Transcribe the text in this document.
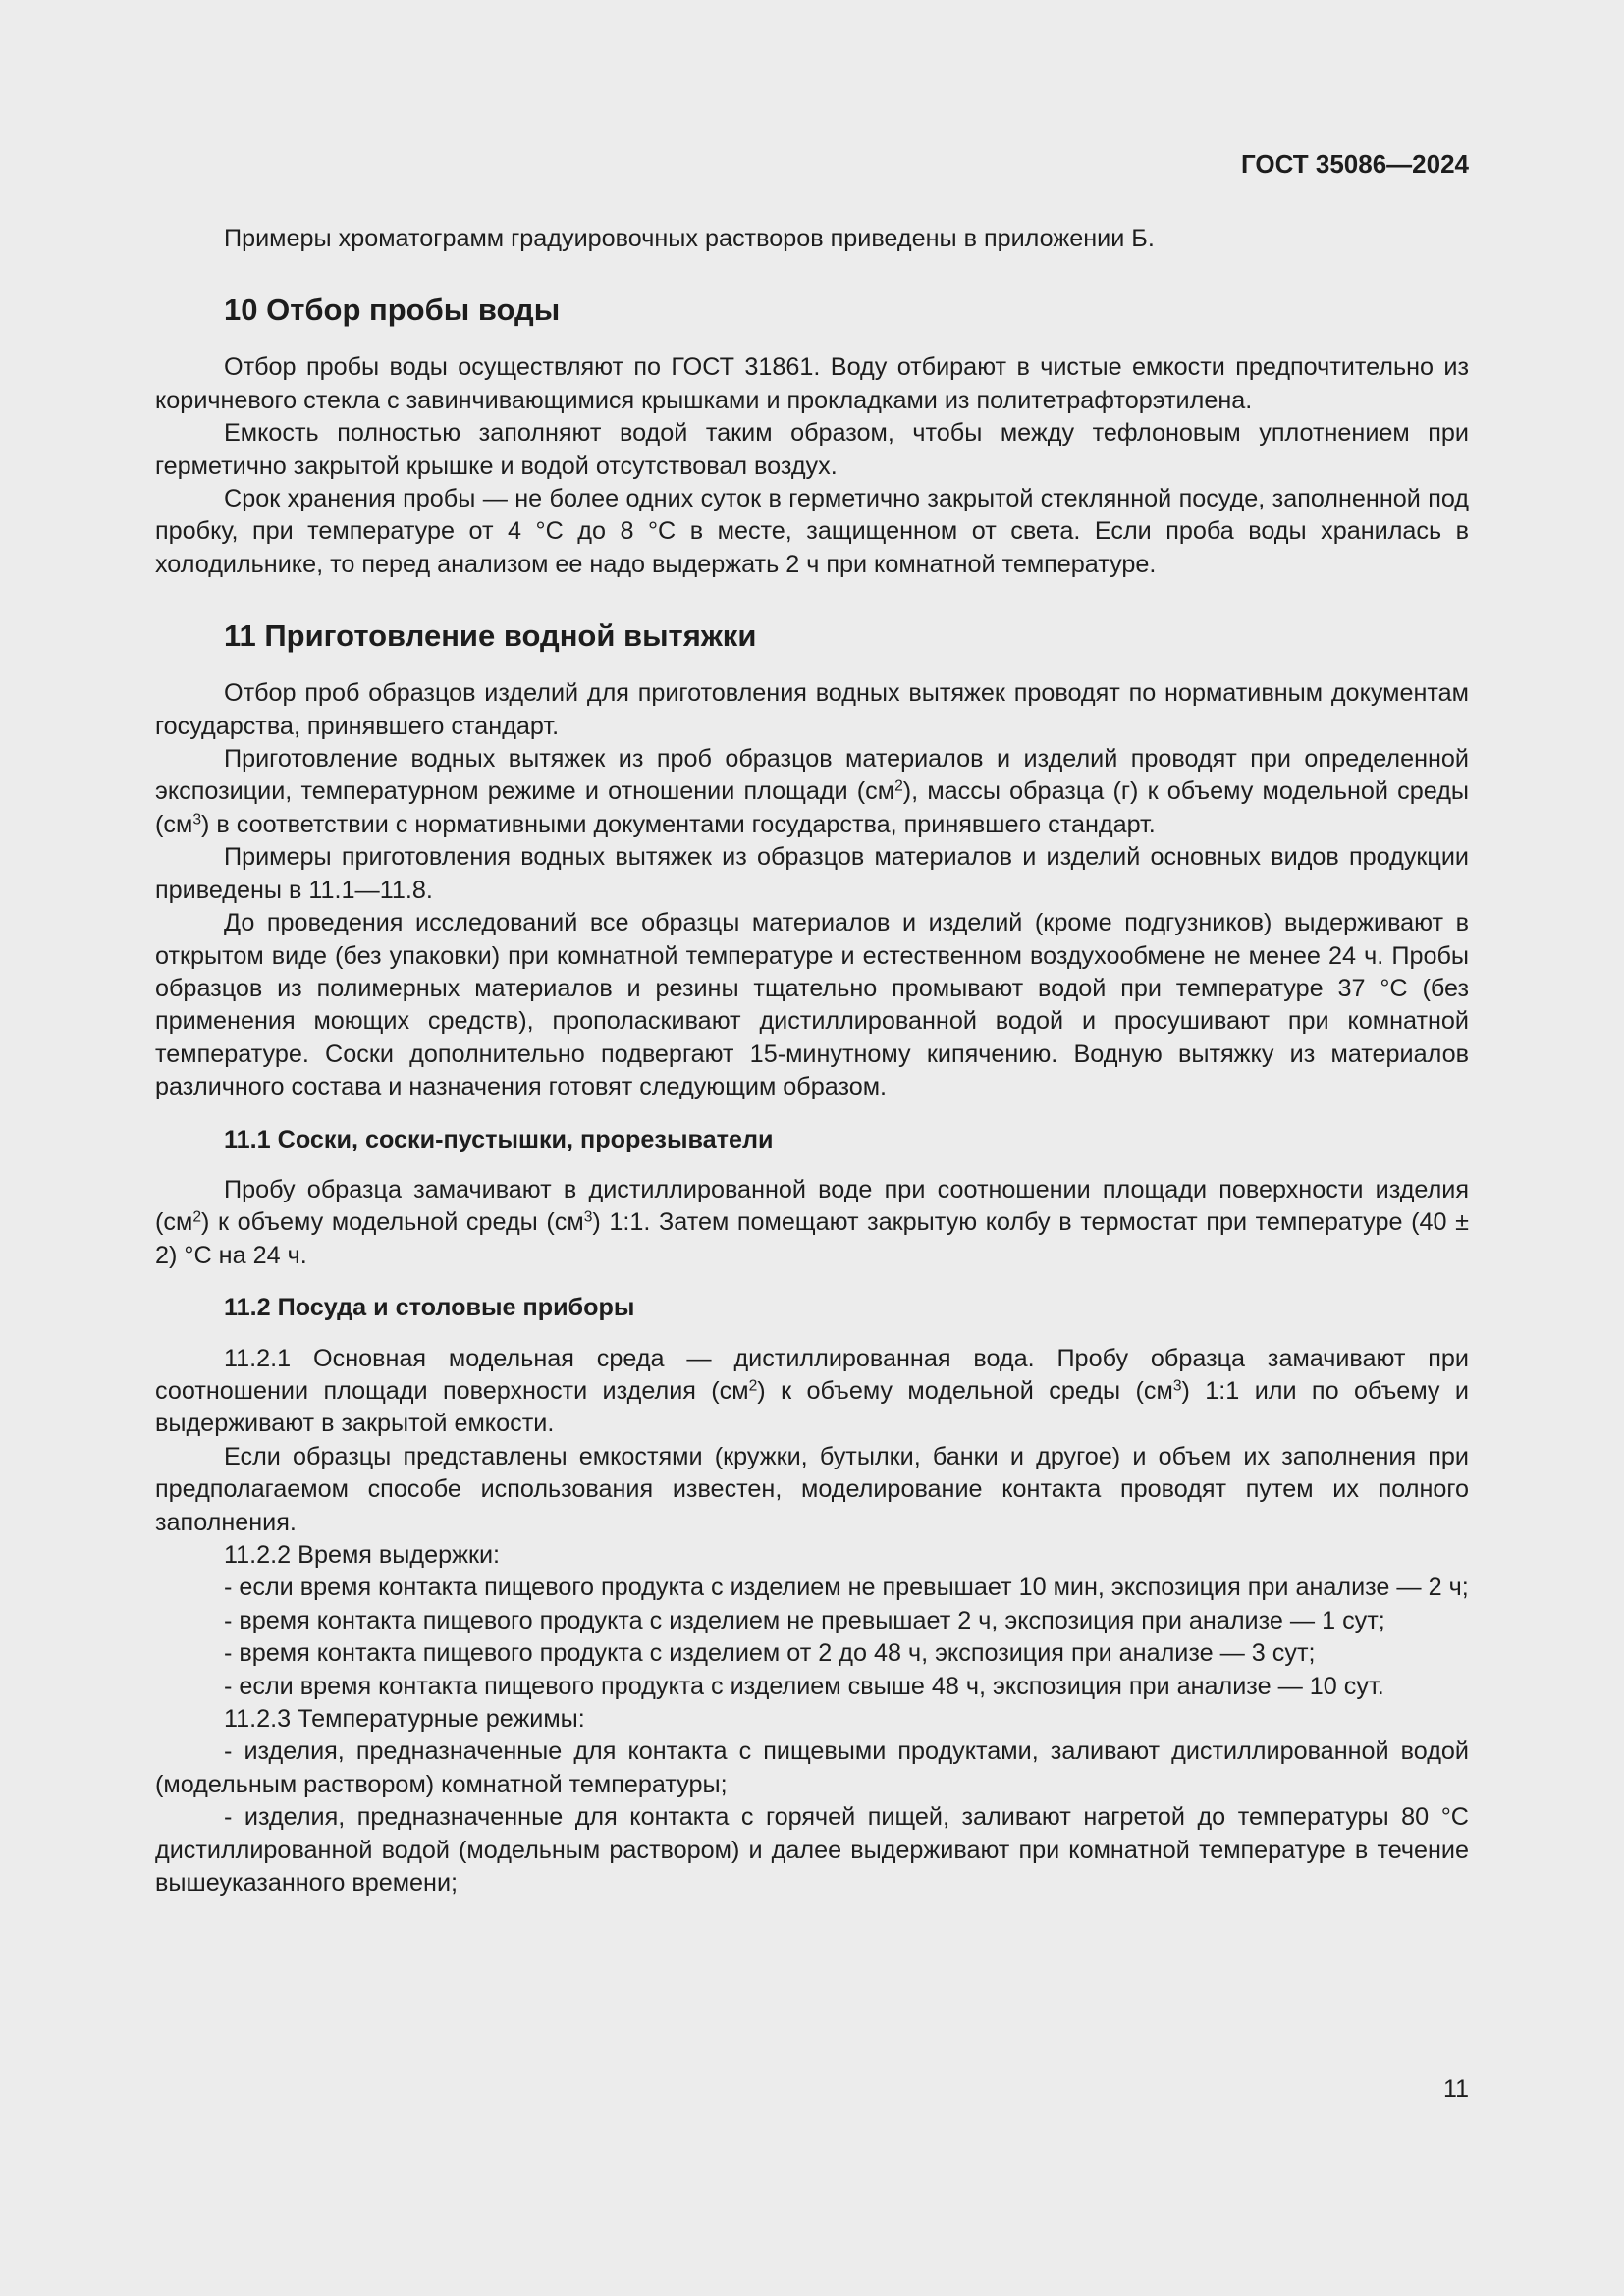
ГОСТ 35086—2024

Примеры хроматограмм градуировочных растворов приведены в приложении Б.

10 Отбор пробы воды

Отбор пробы воды осуществляют по ГОСТ 31861. Воду отбирают в чистые емкости предпочтительно из коричневого стекла с завинчивающимися крышками и прокладками из политетрафторэтилена.

Емкость полностью заполняют водой таким образом, чтобы между тефлоновым уплотнением при герметично закрытой крышке и водой отсутствовал воздух.

Срок хранения пробы — не более одних суток в герметично закрытой стеклянной посуде, заполненной под пробку, при температуре от 4 °С до 8 °С в месте, защищенном от света. Если проба воды хранилась в холодильнике, то перед анализом ее надо выдержать 2 ч при комнатной температуре.

11 Приготовление водной вытяжки

Отбор проб образцов изделий для приготовления водных вытяжек проводят по нормативным документам государства, принявшего стандарт.

Приготовление водных вытяжек из проб образцов материалов и изделий проводят при определенной экспозиции, температурном режиме и отношении площади $(см^2)$, массы образца (г) к объему модельной среды $(см^3)$ в соответствии с нормативными документами государства, принявшего стандарт.

Примеры приготовления водных вытяжек из образцов материалов и изделий основных видов продукции приведены в 11.1—11.8.

До проведения исследований все образцы материалов и изделий (кроме подгузников) выдерживают в открытом виде (без упаковки) при комнатной температуре и естественном воздухообмене не менее 24 ч. Пробы образцов из полимерных материалов и резины тщательно промывают водой при температуре 37 °С (без применения моющих средств), прополаскивают дистиллированной водой и просушивают при комнатной температуре. Соски дополнительно подвергают 15-минутному кипячению. Водную вытяжку из материалов различного состава и назначения готовят следующим образом.

11.1 Соски, соски-пустышки, прорезыватели

Пробу образца замачивают в дистиллированной воде при соотношении площади поверхности изделия $(см^2)$ к объему модельной среды $(см^3)$ 1:1. Затем помещают закрытую колбу в термостат при температуре (40 ± 2) °С на 24 ч.

11.2 Посуда и столовые приборы

11.2.1 Основная модельная среда — дистиллированная вода. Пробу образца замачивают при соотношении площади поверхности изделия $(см^2)$ к объему модельной среды $(см^3)$ 1:1 или по объему и выдерживают в закрытой емкости.

Если образцы представлены емкостями (кружки, бутылки, банки и другое) и объем их заполнения при предполагаемом способе использования известен, моделирование контакта проводят путем их полного заполнения.

11.2.2 Время выдержки:

- если время контакта пищевого продукта с изделием не превышает 10 мин, экспозиция при анализе — 2 ч;

- время контакта пищевого продукта с изделием не превышает 2 ч, экспозиция при анализе — 1 сут;

- время контакта пищевого продукта с изделием от 2 до 48 ч, экспозиция при анализе — 3 сут;

- если время контакта пищевого продукта с изделием свыше 48 ч, экспозиция при анализе — 10 сут.

11.2.3 Температурные режимы:

- изделия, предназначенные для контакта с пищевыми продуктами, заливают дистиллированной водой (модельным раствором) комнатной температуры;

- изделия, предназначенные для контакта с горячей пищей, заливают нагретой до температуры 80 °С дистиллированной водой (модельным раствором) и далее выдерживают при комнатной температуре в течение вышеуказанного времени;

11
